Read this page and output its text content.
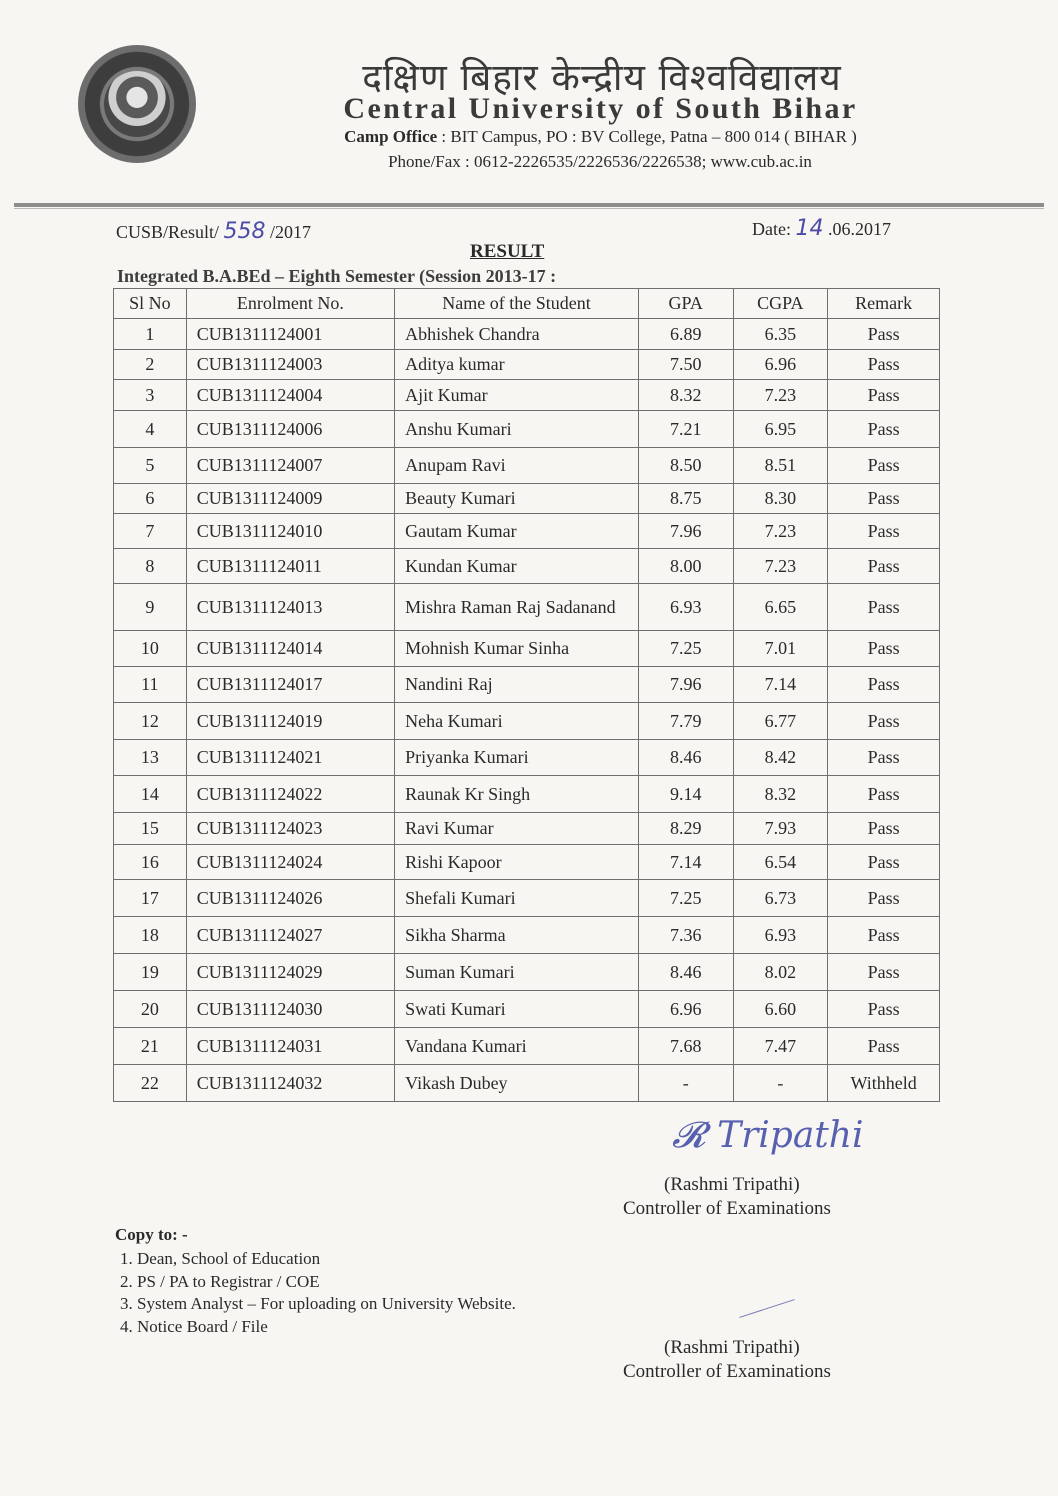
दक्षिण बिहार केन्द्रीय विश्वविद्यालय
Central University of South Bihar
Camp Office : BIT Campus, PO : BV College, Patna – 800 014 ( BIHAR )
Phone/Fax : 0612-2226535/2226536/2226538; www.cub.ac.in
CUSB/Result/ 558 /2017	Date: 14 .06.2017
RESULT
Integrated B.A.BEd – Eighth Semester (Session 2013-17 :
Sl No	Enrolment No.	Name of the Student	GPA	CGPA	Remark
1	CUB1311124001	Abhishek Chandra	6.89	6.35	Pass
2	CUB1311124003	Aditya kumar	7.50	6.96	Pass
3	CUB1311124004	Ajit Kumar	8.32	7.23	Pass
4	CUB1311124006	Anshu Kumari	7.21	6.95	Pass
5	CUB1311124007	Anupam Ravi	8.50	8.51	Pass
6	CUB1311124009	Beauty Kumari	8.75	8.30	Pass
7	CUB1311124010	Gautam Kumar	7.96	7.23	Pass
8	CUB1311124011	Kundan Kumar	8.00	7.23	Pass
9	CUB1311124013	Mishra Raman Raj Sadanand	6.93	6.65	Pass
10	CUB1311124014	Mohnish Kumar Sinha	7.25	7.01	Pass
11	CUB1311124017	Nandini Raj	7.96	7.14	Pass
12	CUB1311124019	Neha Kumari	7.79	6.77	Pass
13	CUB1311124021	Priyanka Kumari	8.46	8.42	Pass
14	CUB1311124022	Raunak Kr Singh	9.14	8.32	Pass
15	CUB1311124023	Ravi Kumar	8.29	7.93	Pass
16	CUB1311124024	Rishi Kapoor	7.14	6.54	Pass
17	CUB1311124026	Shefali Kumari	7.25	6.73	Pass
18	CUB1311124027	Sikha Sharma	7.36	6.93	Pass
19	CUB1311124029	Suman Kumari	8.46	8.02	Pass
20	CUB1311124030	Swati Kumari	6.96	6.60	Pass
21	CUB1311124031	Vandana Kumari	7.68	7.47	Pass
22	CUB1311124032	Vikash Dubey	-	-	Withheld
𝓡 Tripathi
(Rashmi Tripathi)
Controller of Examinations
Copy to: -
1. Dean, School of Education
2. PS / PA to Registrar / COE
3. System Analyst – For uploading on University Website.
4. Notice Board / File
(Rashmi Tripathi)
Controller of Examinations
